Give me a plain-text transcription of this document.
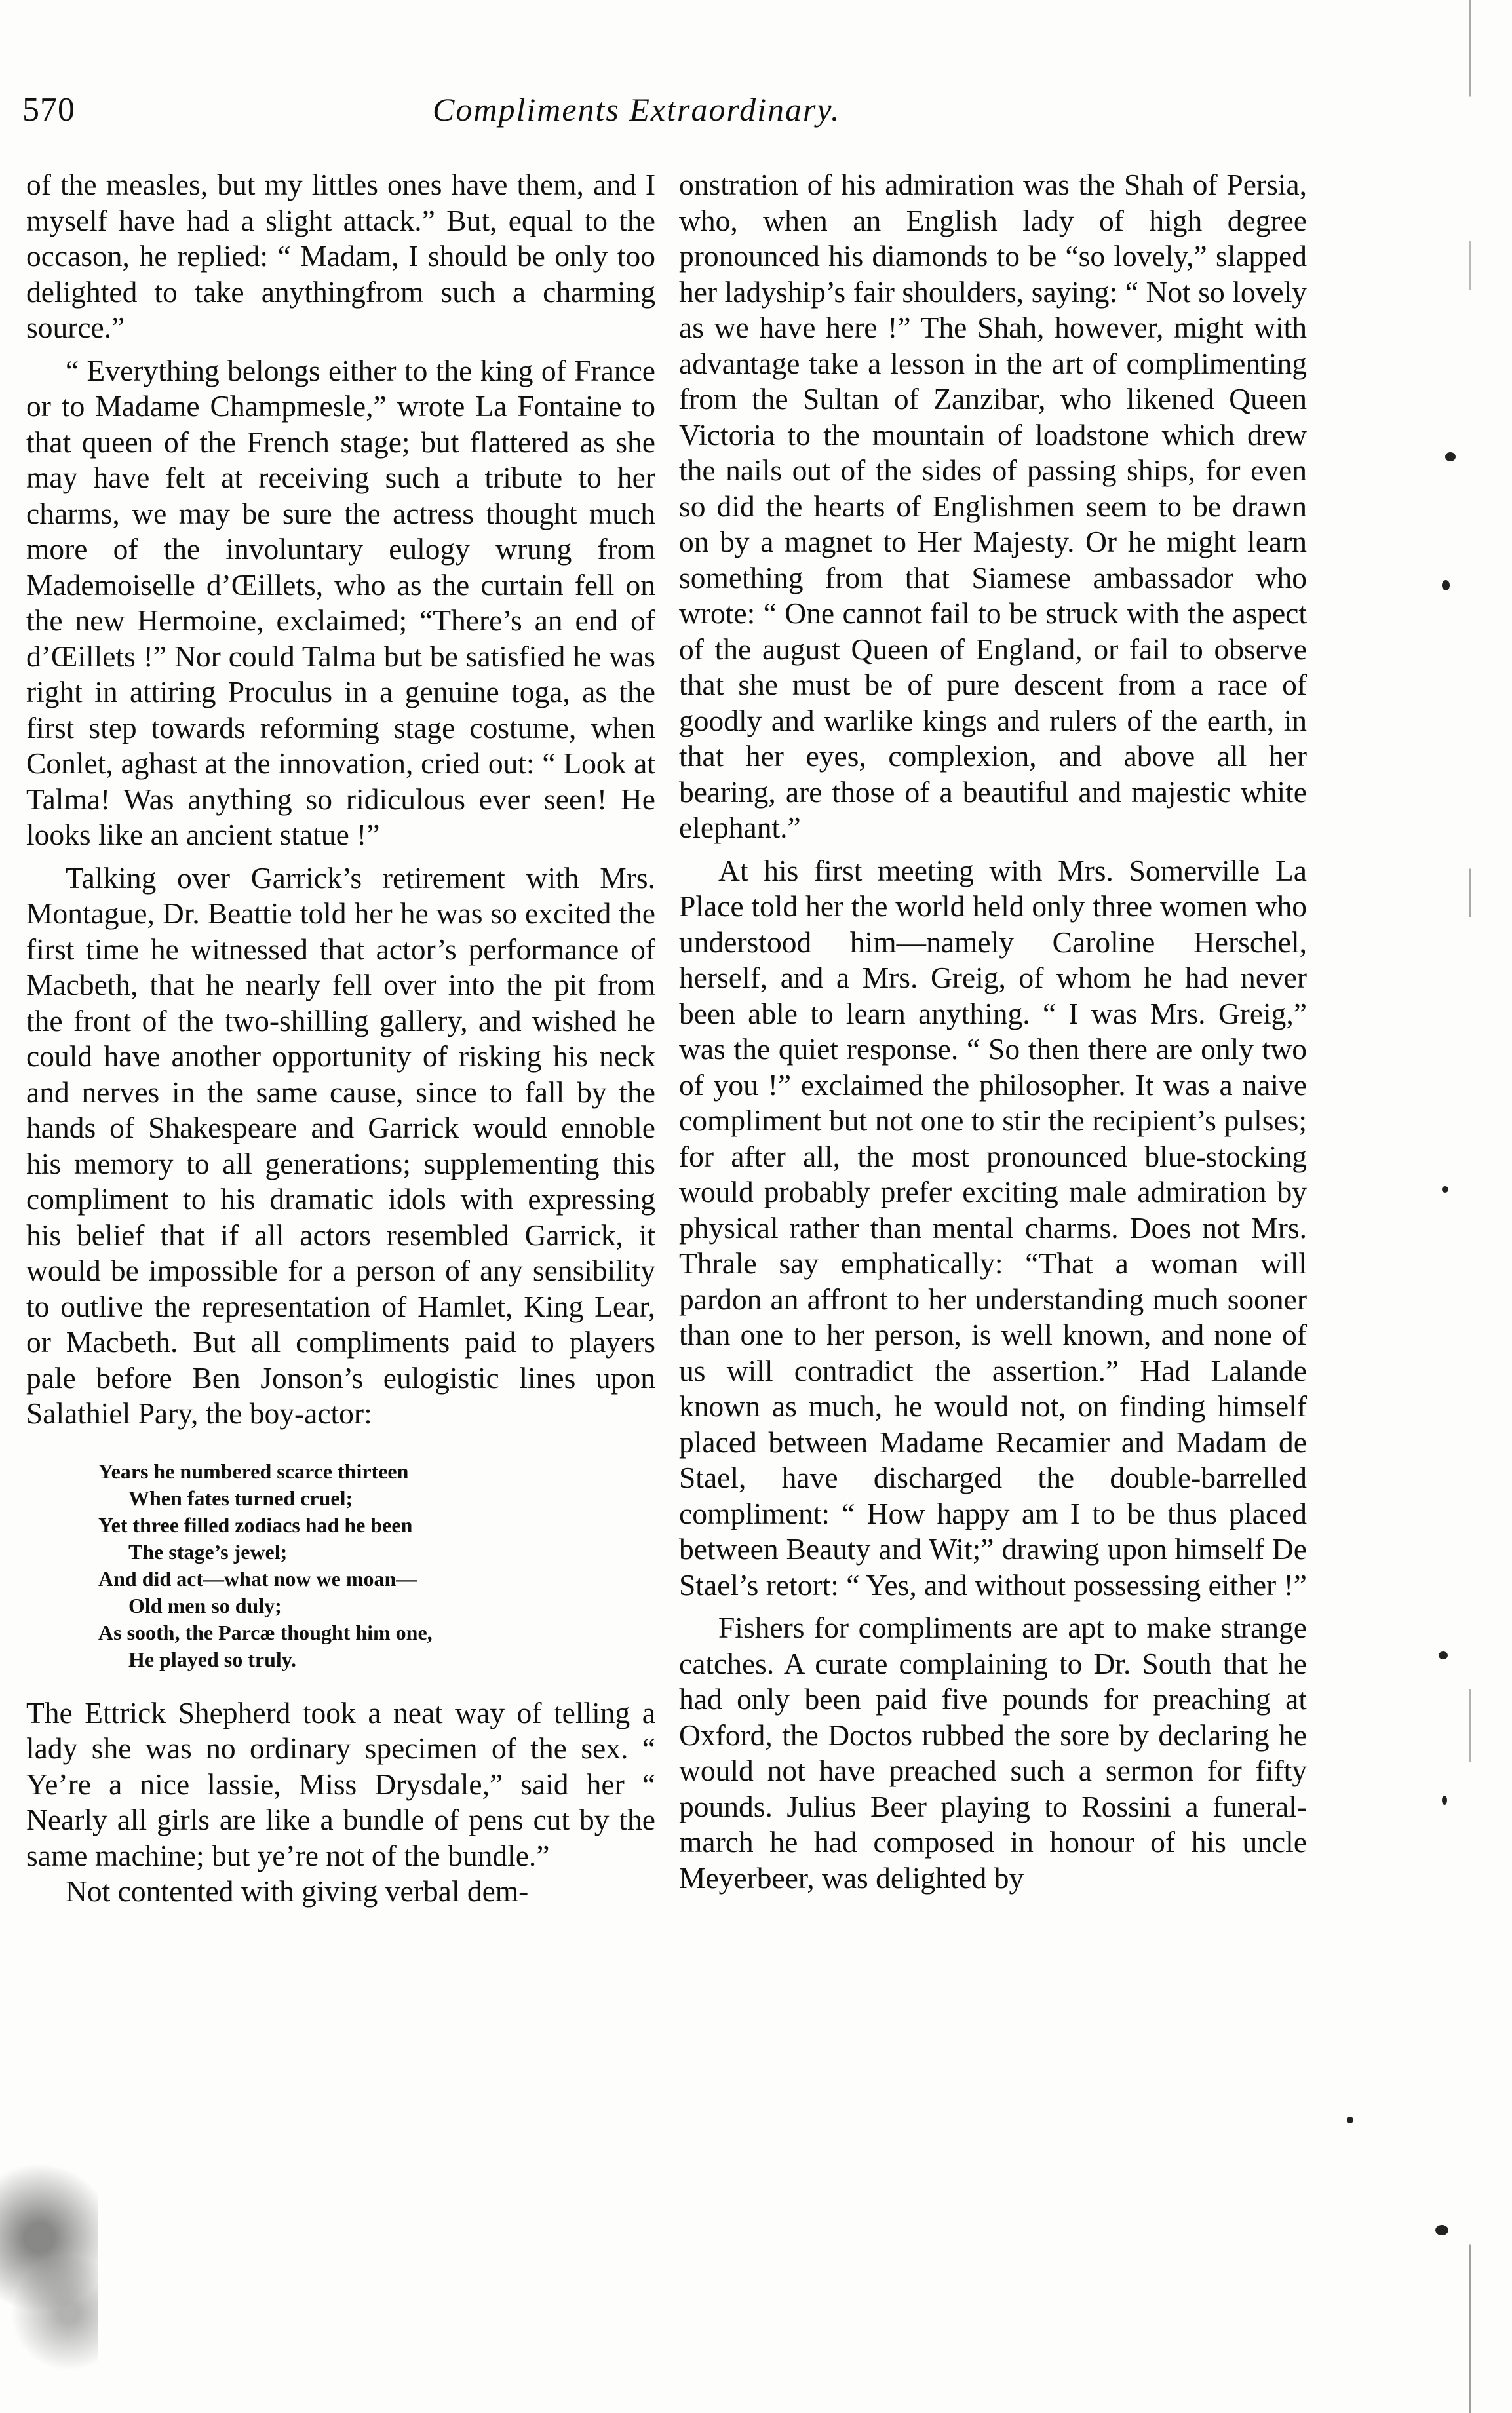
570	Compliments Extraordinary.

of the measles, but my littles ones have them, and I myself have had a slight attack.” But, equal to the occason, he replied: “ Madam, I should be only too delighted to take anythingfrom such a charming source.”

“ Everything belongs either to the king of France or to Madame Champmesle,” wrote La Fontaine to that queen of the French stage; but flattered as she may have felt at receiving such a tribute to her charms, we may be sure the actress thought much more of the involuntary eulogy wrung from Mademoiselle d’Œillets, who as the curtain fell on the new Hermoine, exclaimed; “There’s an end of d’Œillets !” Nor could Talma but be satisfied he was right in attiring Proculus in a genuine toga, as the first step towards reforming stage costume, when Conlet, aghast at the innovation, cried out: “ Look at Talma! Was anything so ridiculous ever seen! He looks like an ancient statue !”

Talking over Garrick’s retirement with Mrs. Montague, Dr. Beattie told her he was so excited the first time he witnessed that actor’s performance of Macbeth, that he nearly fell over into the pit from the front of the two-shilling gallery, and wished he could have another opportunity of risking his neck and nerves in the same cause, since to fall by the hands of Shakespeare and Garrick would ennoble his memory to all generations; supplementing this compliment to his dramatic idols with expressing his belief that if all actors resembled Garrick, it would be impossible for a person of any sensibility to outlive the representation of Hamlet, King Lear, or Macbeth. But all compliments paid to players pale before Ben Jonson’s eulogistic lines upon Salathiel Pary, the boy-actor:

Years he numbered scarce thirteen
When fates turned cruel;
Yet three filled zodiacs had he been
The stage’s jewel;
And did act—what now we moan—
Old men so duly;
As sooth, the Parcæ thought him one,
He played so truly.

The Ettrick Shepherd took a neat way of telling a lady she was no ordinary specimen of the sex. “ Ye’re a nice lassie, Miss Drysdale,” said her “ Nearly all girls are like a bundle of pens cut by the same machine; but ye’re not of the bundle.”

Not contented with giving verbal dem-

onstration of his admiration was the Shah of Persia, who, when an English lady of high degree pronounced his diamonds to be “so lovely,” slapped her ladyship’s fair shoulders, saying: “ Not so lovely as we have here !” The Shah, however, might with advantage take a lesson in the art of complimenting from the Sultan of Zanzibar, who likened Queen Victoria to the mountain of loadstone which drew the nails out of the sides of passing ships, for even so did the hearts of Englishmen seem to be drawn on by a magnet to Her Majesty. Or he might learn something from that Siamese ambassador who wrote: “ One cannot fail to be struck with the aspect of the august Queen of England, or fail to observe that she must be of pure descent from a race of goodly and warlike kings and rulers of the earth, in that her eyes, complexion, and above all her bearing, are those of a beautiful and majestic white elephant.”

At his first meeting with Mrs. Somerville La Place told her the world held only three women who understood him—namely Caroline Herschel, herself, and a Mrs. Greig, of whom he had never been able to learn anything. “ I was Mrs. Greig,” was the quiet response. “ So then there are only two of you !” exclaimed the philosopher. It was a naive compliment but not one to stir the recipient’s pulses; for after all, the most pronounced blue-stocking would probably prefer exciting male admiration by physical rather than mental charms. Does not Mrs. Thrale say emphatically: “That a woman will pardon an affront to her understanding much sooner than one to her person, is well known, and none of us will contradict the assertion.” Had Lalande known as much, he would not, on finding himself placed between Madame Recamier and Madam de Stael, have discharged the double-barrelled compliment: “ How happy am I to be thus placed between Beauty and Wit;” drawing upon himself De Stael’s retort: “ Yes, and without possessing either !”

Fishers for compliments are apt to make strange catches. A curate complaining to Dr. South that he had only been paid five pounds for preaching at Oxford, the Doctos rubbed the sore by declaring he would not have preached such a sermon for fifty pounds. Julius Beer playing to Rossini a funeral-march he had composed in honour of his uncle Meyerbeer, was delighted by
